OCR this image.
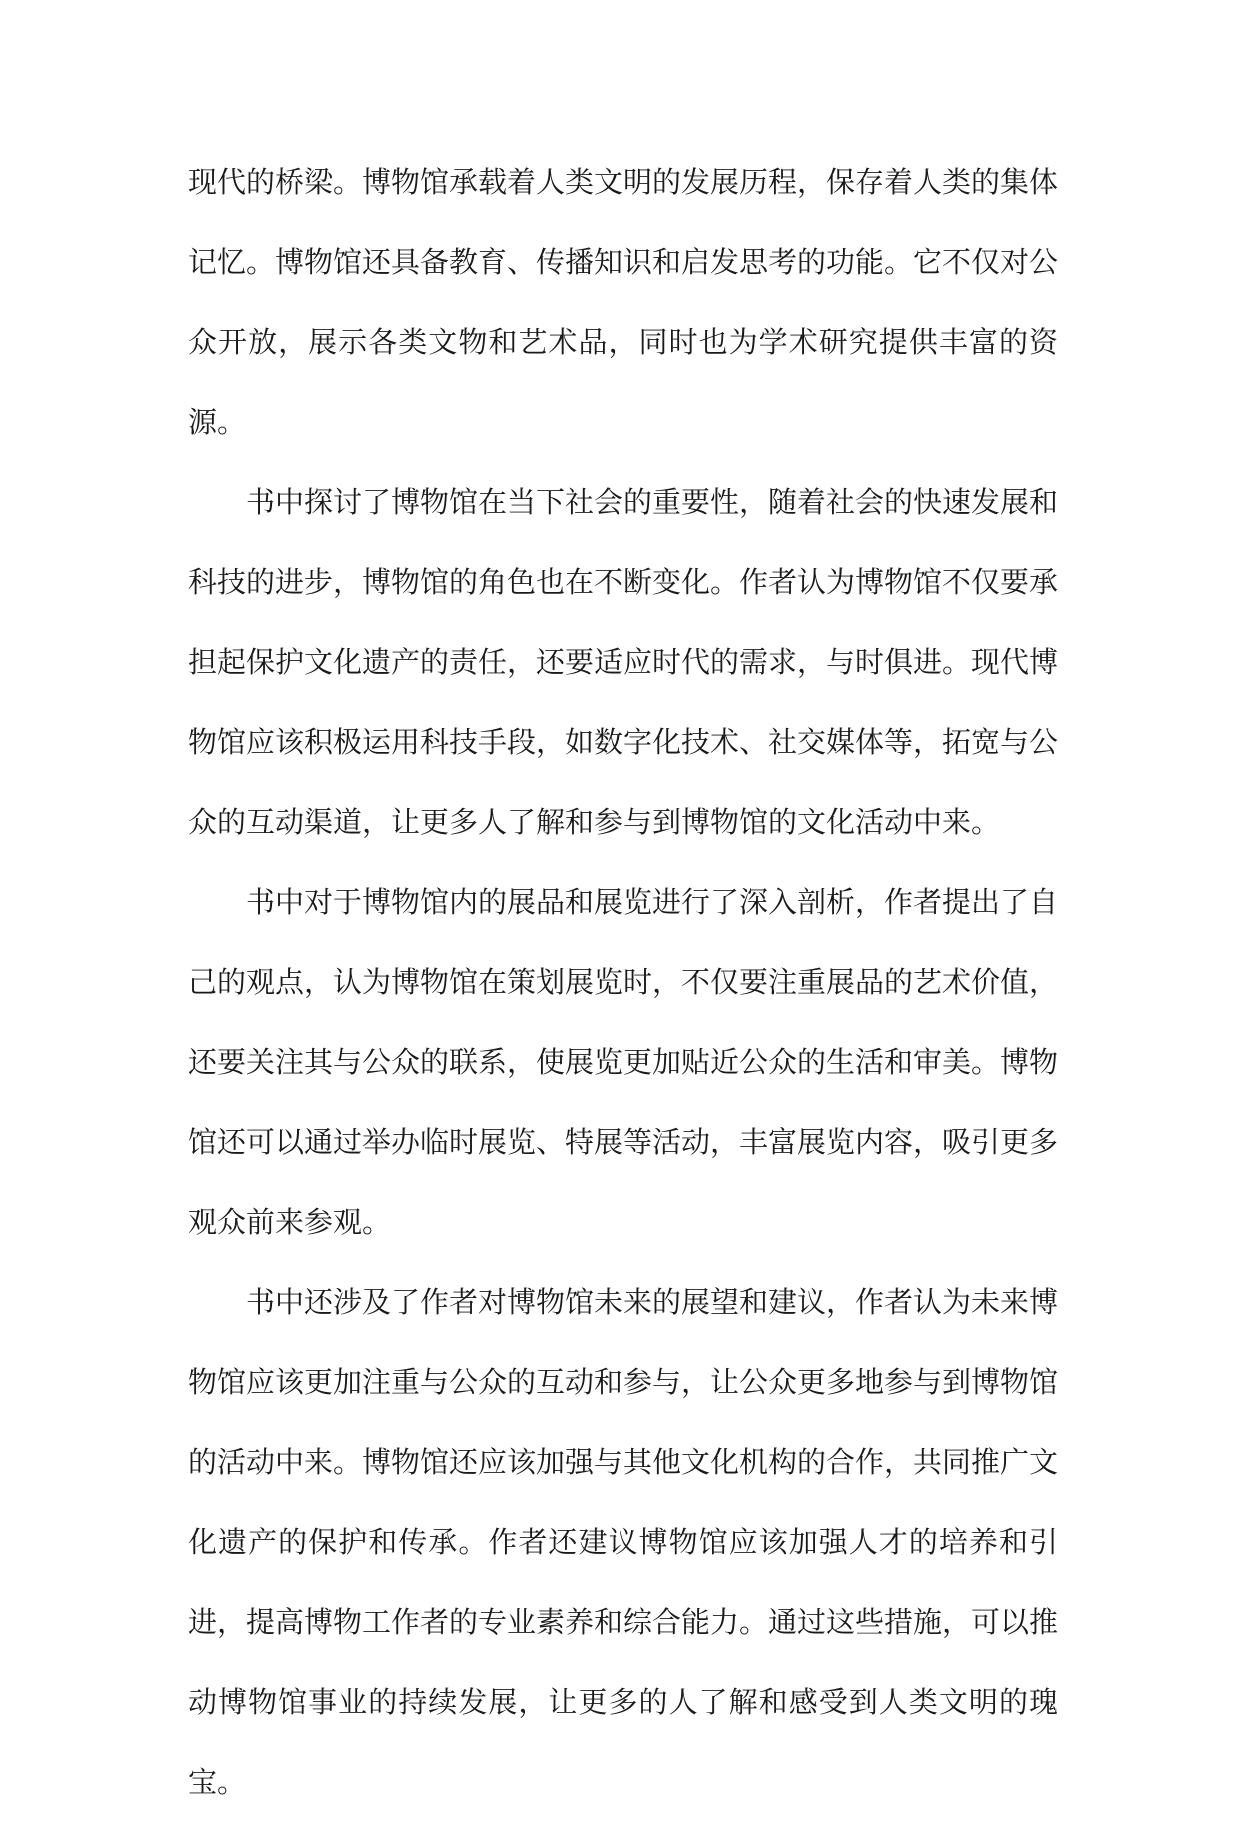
现代的桥梁。博物馆承载着人类文明的发展历程，保存着人类的集体记忆。博物馆还具备教育、传播知识和启发思考的功能。它不仅对公众开放，展示各类文物和艺术品，同时也为学术研究提供丰富的资源。

书中探讨了博物馆在当下社会的重要性，随着社会的快速发展和科技的进步，博物馆的角色也在不断变化。作者认为博物馆不仅要承担起保护文化遗产的责任，还要适应时代的需求，与时俱进。现代博物馆应该积极运用科技手段，如数字化技术、社交媒体等，拓宽与公众的互动渠道，让更多人了解和参与到博物馆的文化活动中来。

书中对于博物馆内的展品和展览进行了深入剖析，作者提出了自己的观点，认为博物馆在策划展览时，不仅要注重展品的艺术价值，还要关注其与公众的联系，使展览更加贴近公众的生活和审美。博物馆还可以通过举办临时展览、特展等活动，丰富展览内容，吸引更多观众前来参观。

书中还涉及了作者对博物馆未来的展望和建议，作者认为未来博物馆应该更加注重与公众的互动和参与，让公众更多地参与到博物馆的活动中来。博物馆还应该加强与其他文化机构的合作，共同推广文化遗产的保护和传承。作者还建议博物馆应该加强人才的培养和引进，提高博物工作者的专业素养和综合能力。通过这些措施，可以推动博物馆事业的持续发展，让更多的人了解和感受到人类文明的瑰宝。
